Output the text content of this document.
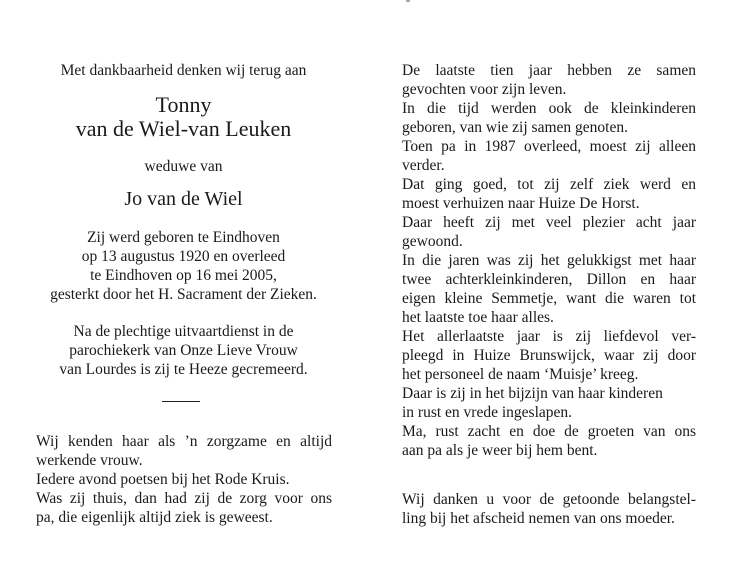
Met dankbaarheid denken wij terug aan
Tonny
van de Wiel-van Leuken
weduwe van
Jo van de Wiel
Zij werd geboren te Eindhoven
op 13 augustus 1920 en overleed
te Eindhoven op 16 mei 2005,
gesterkt door het H. Sacrament der Zieken.
Na de plechtige uitvaartdienst in de
parochiekerk van Onze Lieve Vrouw
van Lourdes is zij te Heeze gecremeerd.
Wij kenden haar als ’n zorgzame en altijd
werkende vrouw.
Iedere avond poetsen bij het Rode Kruis.
Was zij thuis, dan had zij de zorg voor ons
pa, die eigenlijk altijd ziek is geweest.
De laatste tien jaar hebben ze samen
gevochten voor zijn leven.
In die tijd werden ook de kleinkinderen
geboren, van wie zij samen genoten.
Toen pa in 1987 overleed, moest zij alleen
verder.
Dat ging goed, tot zij zelf ziek werd en
moest verhuizen naar Huize De Horst.
Daar heeft zij met veel plezier acht jaar
gewoond.
In die jaren was zij het gelukkigst met haar
twee achterkleinkinderen, Dillon en haar
eigen kleine Semmetje, want die waren tot
het laatste toe haar alles.
Het allerlaatste jaar is zij liefdevol ver-
pleegd in Huize Brunswijck, waar zij door
het personeel de naam ‘Muisje’ kreeg.
Daar is zij in het bijzijn van haar kinderen
in rust en vrede ingeslapen.
Ma, rust zacht en doe de groeten van ons
aan pa als je weer bij hem bent.
Wij danken u voor de getoonde belangstel-
ling bij het afscheid nemen van ons moeder.
